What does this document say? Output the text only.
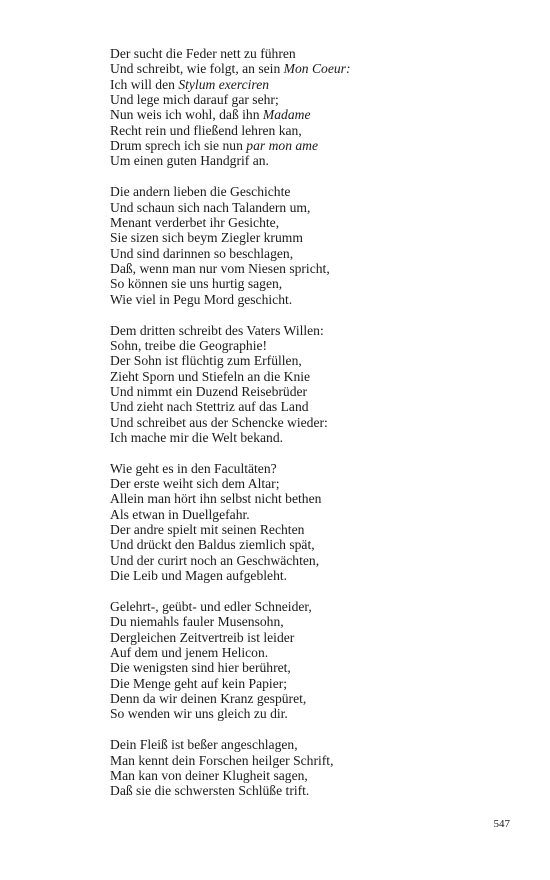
Der sucht die Feder nett zu führen
Und schreibt, wie folgt, an sein Mon Coeur:
Ich will den Stylum exerciren
Und lege mich darauf gar sehr;
Nun weis ich wohl, daß ihn Madame
Recht rein und fließend lehren kan,
Drum sprech ich sie nun par mon ame
Um einen guten Handgrif an.
Die andern lieben die Geschichte
Und schaun sich nach Talandern um,
Menant verderbet ihr Gesichte,
Sie sizen sich beym Ziegler krumm
Und sind darinnen so beschlagen,
Daß, wenn man nur vom Niesen spricht,
So können sie uns hurtig sagen,
Wie viel in Pegu Mord geschicht.
Dem dritten schreibt des Vaters Willen:
Sohn, treibe die Geographie!
Der Sohn ist flüchtig zum Erfüllen,
Zieht Sporn und Stiefeln an die Knie
Und nimmt ein Duzend Reisebrüder
Und zieht nach Stettriz auf das Land
Und schreibet aus der Schencke wieder:
Ich mache mir die Welt bekand.
Wie geht es in den Facultäten?
Der erste weiht sich dem Altar;
Allein man hört ihn selbst nicht bethen
Als etwan in Duellgefahr.
Der andre spielt mit seinen Rechten
Und drückt den Baldus ziemlich spät,
Und der curirt noch an Geschwächten,
Die Leib und Magen aufgebleht.
Gelehrt-, geübt- und edler Schneider,
Du niemahls fauler Musensohn,
Dergleichen Zeitvertreib ist leider
Auf dem und jenem Helicon.
Die wenigsten sind hier berühret,
Die Menge geht auf kein Papier;
Denn da wir deinen Kranz gespüret,
So wenden wir uns gleich zu dir.
Dein Fleiß ist beßer angeschlagen,
Man kennt dein Forschen heilger Schrift,
Man kan von deiner Klugheit sagen,
Daß sie die schwersten Schlüße trift.
547
